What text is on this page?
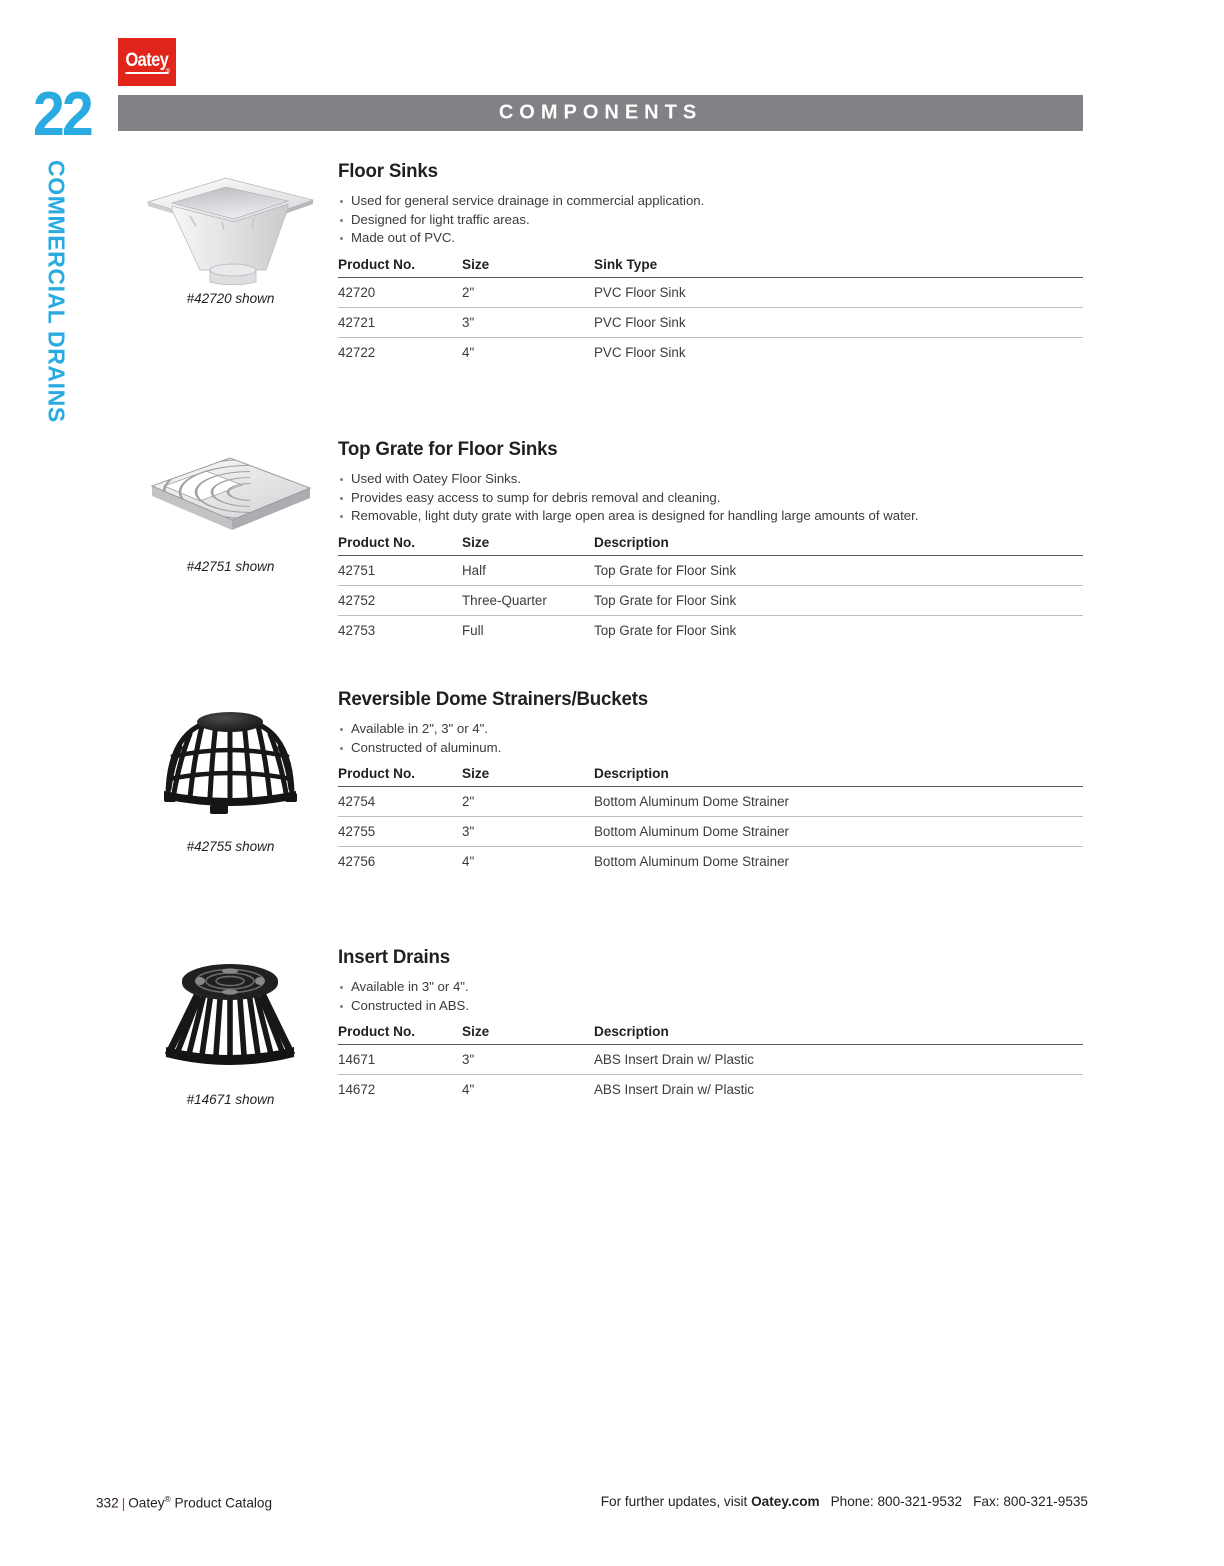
Oatey
®
22
COMMERCIAL DRAINS
COMPONENTS
#42720 shown
Floor Sinks
Used for general service drainage in commercial application.
Designed for light traffic areas.
Made out of PVC.
Product No.	Size	Sink Type
42720	2"	PVC Floor Sink
42721	3"	PVC Floor Sink
42722	4"	PVC Floor Sink
#42751 shown
Top Grate for Floor Sinks
Used with Oatey Floor Sinks.
Provides easy access to sump for debris removal and cleaning.
Removable, light duty grate with large open area is designed for handling large amounts of water.
Product No.	Size	Description
42751	Half	Top Grate for Floor Sink
42752	Three-Quarter	Top Grate for Floor Sink
42753	Full	Top Grate for Floor Sink
#42755 shown
Reversible Dome Strainers/Buckets
Available in 2", 3" or 4".
Constructed of aluminum.
Product No.	Size	Description
42754	2"	Bottom Aluminum Dome Strainer
42755	3"	Bottom Aluminum Dome Strainer
42756	4"	Bottom Aluminum Dome Strainer
#14671 shown
Insert Drains
Available in 3" or 4".
Constructed in ABS.
Product No.	Size	Description
14671	3"	ABS Insert Drain w/ Plastic
14672	4"	ABS Insert Drain w/ Plastic
332 | Oatey® Product Catalog	For further updates, visit Oatey.com Phone: 800-321-9532 Fax: 800-321-9535
